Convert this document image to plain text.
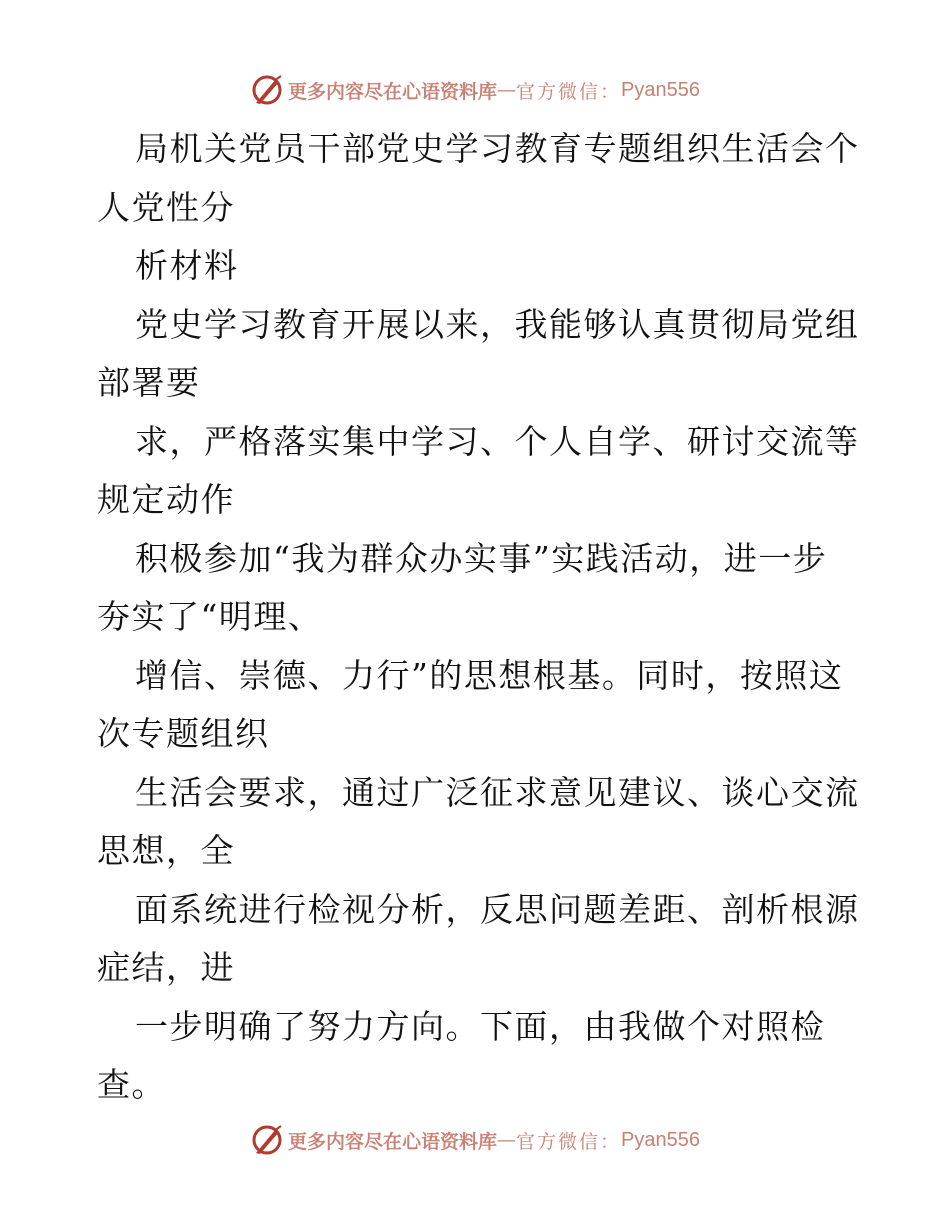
更多内容尽在心语资料库 — 官方微信： Pyan556
局机关党员干部党史学习教育专题组织生活会个
人党性分
析材料
党史学习教育开展以来，我能够认真贯彻局党组
部署要
求，严格落实集中学习、个人自学、研讨交流等
规定动作
积极参加“我为群众办实事”实践活动，进一步
夯实了“明理、
增信、崇德、力行”的思想根基。同时，按照这
次专题组织
生活会要求，通过广泛征求意见建议、谈心交流
思想，全
面系统进行检视分析，反思问题差距、剖析根源
症结，进
一步明确了努力方向。下面，由我做个对照检
查。
更多内容尽在心语资料库 — 官方微信： Pyan556
